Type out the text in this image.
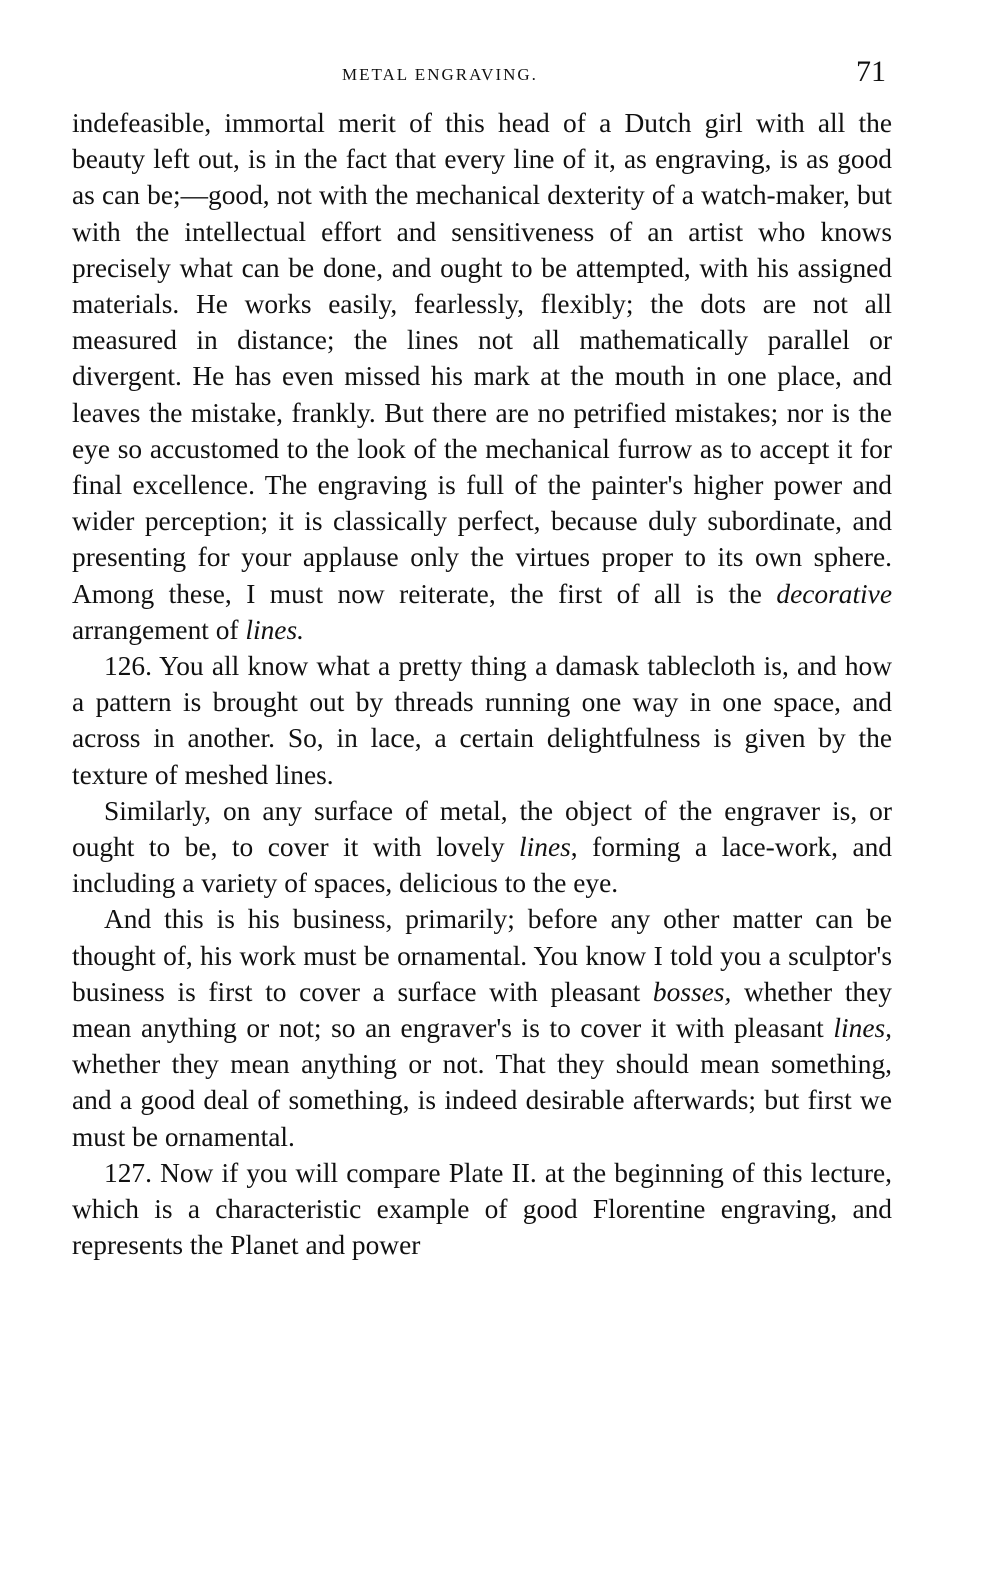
METAL ENGRAVING.	71

indefeasible, immortal merit of this head of a Dutch girl with all the beauty left out, is in the fact that every line of it, as engraving, is as good as can be;—good, not with the mechanical dexterity of a watch-maker, but with the intellectual effort and sensitiveness of an artist who knows precisely what can be done, and ought to be attempted, with his assigned materials. He works easily, fearlessly, flexibly; the dots are not all measured in distance; the lines not all mathematically parallel or divergent. He has even missed his mark at the mouth in one place, and leaves the mistake, frankly. But there are no petrified mistakes; nor is the eye so accustomed to the look of the mechanical furrow as to accept it for final excellence. The engraving is full of the painter's higher power and wider perception; it is classically perfect, because duly subordinate, and presenting for your applause only the virtues proper to its own sphere. Among these, I must now reiterate, the first of all is the decorative arrangement of lines.

126. You all know what a pretty thing a damask tablecloth is, and how a pattern is brought out by threads running one way in one space, and across in another. So, in lace, a certain delightfulness is given by the texture of meshed lines.

Similarly, on any surface of metal, the object of the engraver is, or ought to be, to cover it with lovely lines, forming a lace-work, and including a variety of spaces, delicious to the eye.

And this is his business, primarily; before any other matter can be thought of, his work must be ornamental. You know I told you a sculptor's business is first to cover a surface with pleasant bosses, whether they mean anything or not; so an engraver's is to cover it with pleasant lines, whether they mean anything or not. That they should mean something, and a good deal of something, is indeed desirable afterwards; but first we must be ornamental.

127. Now if you will compare Plate II. at the beginning of this lecture, which is a characteristic example of good Florentine engraving, and represents the Planet and power
